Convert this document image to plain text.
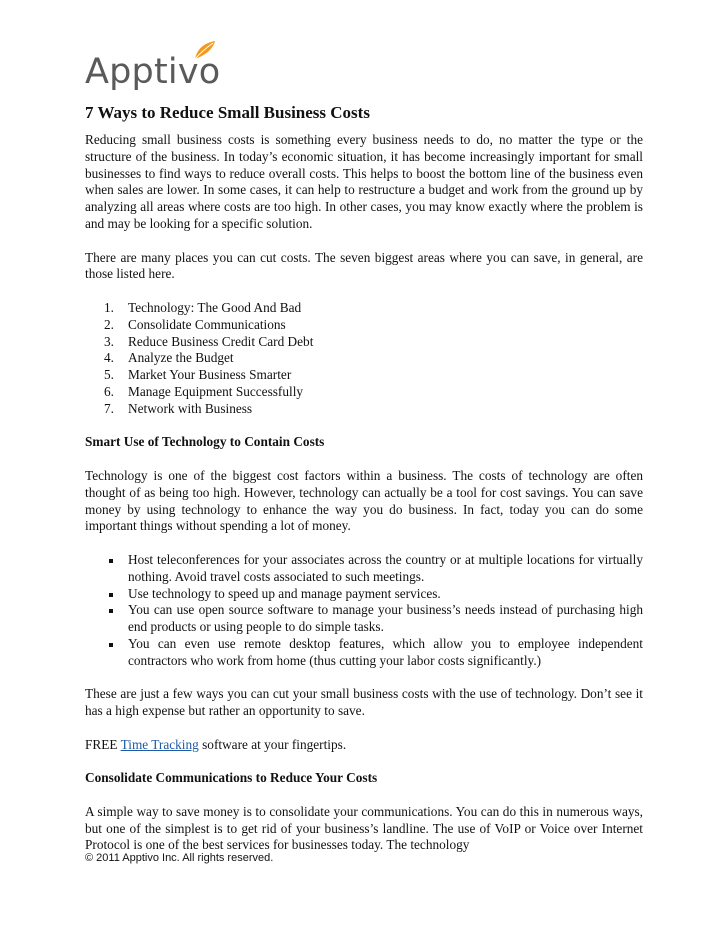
Apptivo
7 Ways to Reduce Small Business Costs

Reducing small business costs is something every business needs to do, no matter the type or the structure of the business. In today’s economic situation, it has become increasingly important for small businesses to find ways to reduce overall costs. This helps to boost the bottom line of the business even when sales are lower. In some cases, it can help to restructure a budget and work from the ground up by analyzing all areas where costs are too high. In other cases, you may know exactly where the problem is and may be looking for a specific solution.

There are many places you can cut costs. The seven biggest areas where you can save, in general, are those listed here.

1.	Technology: The Good And Bad
2.	Consolidate Communications
3.	Reduce Business Credit Card Debt
4.	Analyze the Budget
5.	Market Your Business Smarter
6.	Manage Equipment Successfully
7.	Network with Business
Smart Use of Technology to Contain Costs

Technology is one of the biggest cost factors within a business. The costs of technology are often thought of as being too high. However, technology can actually be a tool for cost savings. You can save money by using technology to enhance the way you do business. In fact, today you can do some important things without spending a lot of money.

Host teleconferences for your associates across the country or at multiple locations for virtually nothing. Avoid travel costs associated to such meetings.
Use technology to speed up and manage payment services.
You can use open source software to manage your business’s needs instead of purchasing high end products or using people to do simple tasks.
You can even use remote desktop features, which allow you to employee independent contractors who work from home (thus cutting your labor costs significantly.)

These are just a few ways you can cut your small business costs with the use of technology. Don’t see it has a high expense but rather an opportunity to save.

FREE Time Tracking software at your fingertips.

Consolidate Communications to Reduce Your Costs

A simple way to save money is to consolidate your communications. You can do this in numerous ways, but one of the simplest is to get rid of your business’s landline. The use of VoIP or Voice over Internet Protocol is one of the best services for businesses today. The technology

© 2011 Apptivo Inc. All rights reserved.
